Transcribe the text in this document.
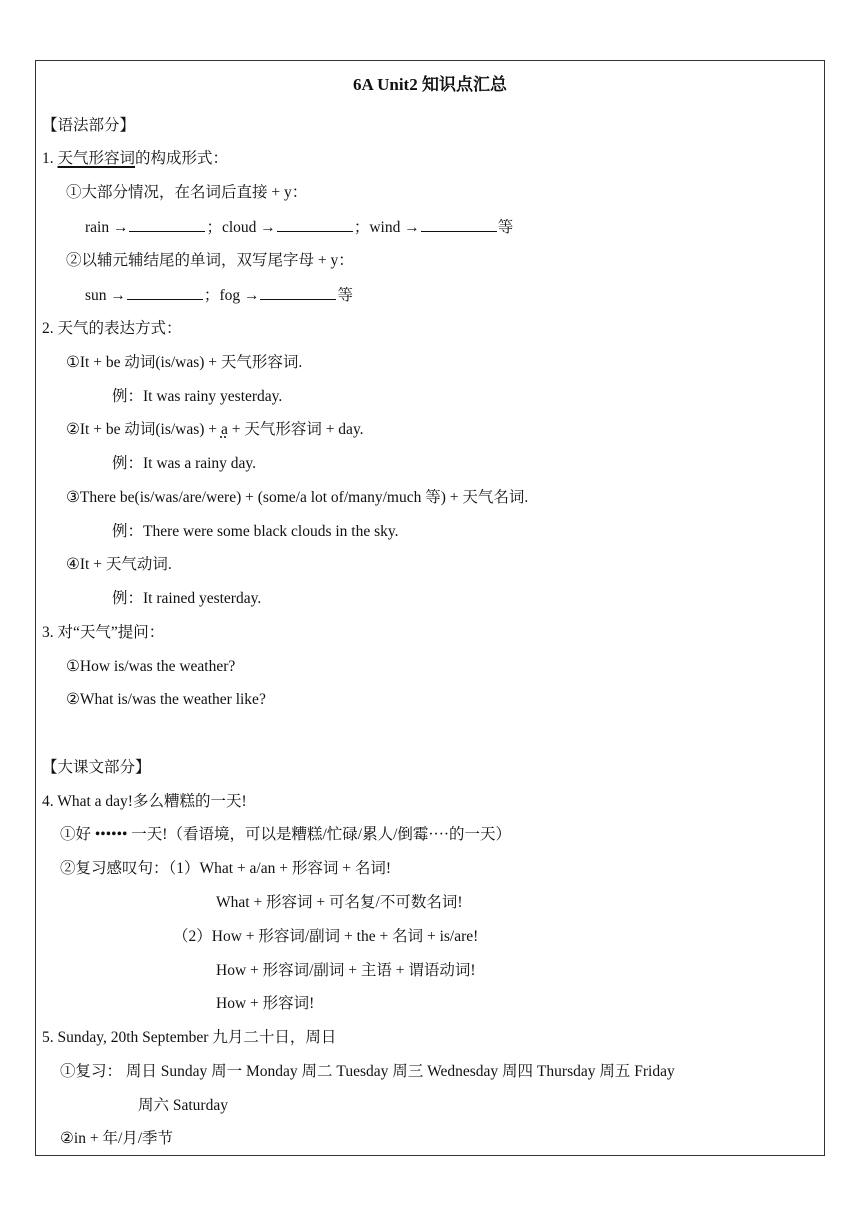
6A Unit2 知识点汇总
【语法部分】
1. 天气形容词的构成形式：
①大部分情况，在名词后直接 + y：
rain →	；cloud →	；wind →	等
②以辅元辅结尾的单词，双写尾字母 + y：
sun →	；fog →	等
2. 天气的表达方式：
①It + be 动词(is/was) + 天气形容词.
例：It was rainy yesterday.
②It + be 动词(is/was) + a + 天气形容词 + day.
例：It was a rainy day.
③There be(is/was/are/were) + (some/a lot of/many/much 等) + 天气名词.
例：There were some black clouds in the sky.
④It + 天气动词.
例：It rained yesterday.
3. 对“天气”提问：
①How is/was the weather?
②What is/was the weather like?
【大课文部分】
4. What a day!多么糟糕的一天!
①好 •••••• 一天!（看语境，可以是糟糕/忙碌/累人/倒霉····的一天）
②复习感叹句：（1）What + a/an + 形容词 + 名词!
What + 形容词 + 可名复/不可数名词!
（2）How + 形容词/副词 + the + 名词 + is/are!
How + 形容词/副词 + 主语 + 谓语动词!
How + 形容词!
5. Sunday, 20th September 九月二十日，周日
①复习： 周日 Sunday 周一 Monday 周二 Tuesday 周三 Wednesday 周四 Thursday 周五 Friday
周六 Saturday
②in + 年/月/季节
